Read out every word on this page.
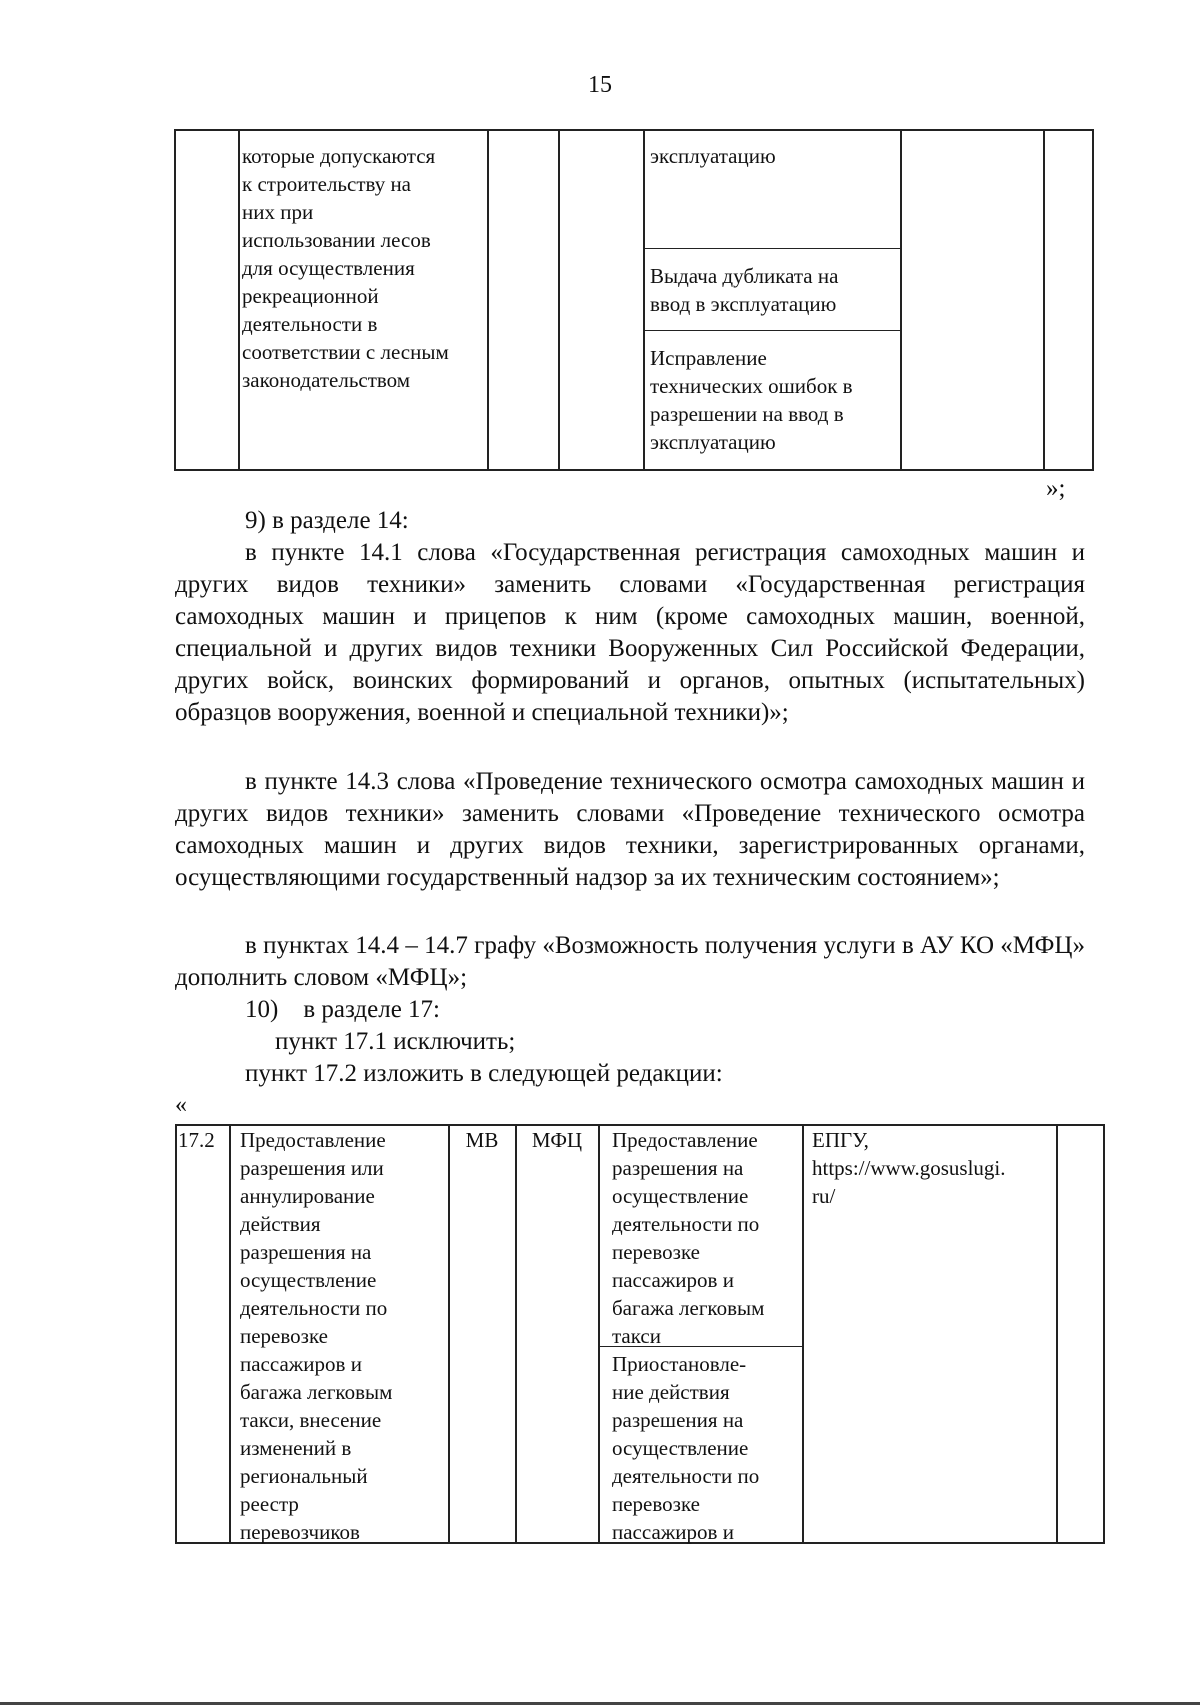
15
которые допускаются
к строительству на
них при
использовании лесов
для осуществления
рекреационной
деятельности в
соответствии с лесным
законодательством
эксплуатацию
Выдача дубликата на
ввод в эксплуатацию
Исправление
технических ошибок в
разрешении на ввод в
эксплуатацию
»;
9) в разделе 14:
в пункте 14.1 слова «Государственная регистрация самоходных машин и других видов техники» заменить словами «Государственная регистрация самоходных машин и прицепов к ним (кроме самоходных машин, военной, специальной и других видов техники Вооруженных Сил Российской Федерации, других войск, воинских формирований и органов, опытных (испытательных) образцов вооружения, военной и специальной техники)»;
в пункте 14.3 слова «Проведение технического осмотра самоходных машин и других видов техники» заменить словами «Проведение технического осмотра самоходных машин и других видов техники, зарегистрированных органами, осуществляющими государственный надзор за их техническим состоянием»;
в пунктах 14.4 – 14.7 графу «Возможность получения услуги в АУ КО «МФЦ» дополнить словом «МФЦ»;
10)    в разделе 17:
пункт 17.1 исключить;
пункт 17.2 изложить в следующей редакции:
«
17.2 Предоставление
разрешения или
аннулирование
действия
разрешения на
осуществление
деятельности по
перевозке
пассажиров и
багажа легковым
такси, внесение
изменений в
региональный
реестр
перевозчиков
МВ	МФЦ	Предоставление
разрешения на
осуществление
деятельности по
перевозке
пассажиров и
багажа легковым
такси
Приостановле-
ние действия
разрешения на
осуществление
деятельности по
перевозке
пассажиров и
ЕПГУ,
https://www.gosuslugi.
ru/
